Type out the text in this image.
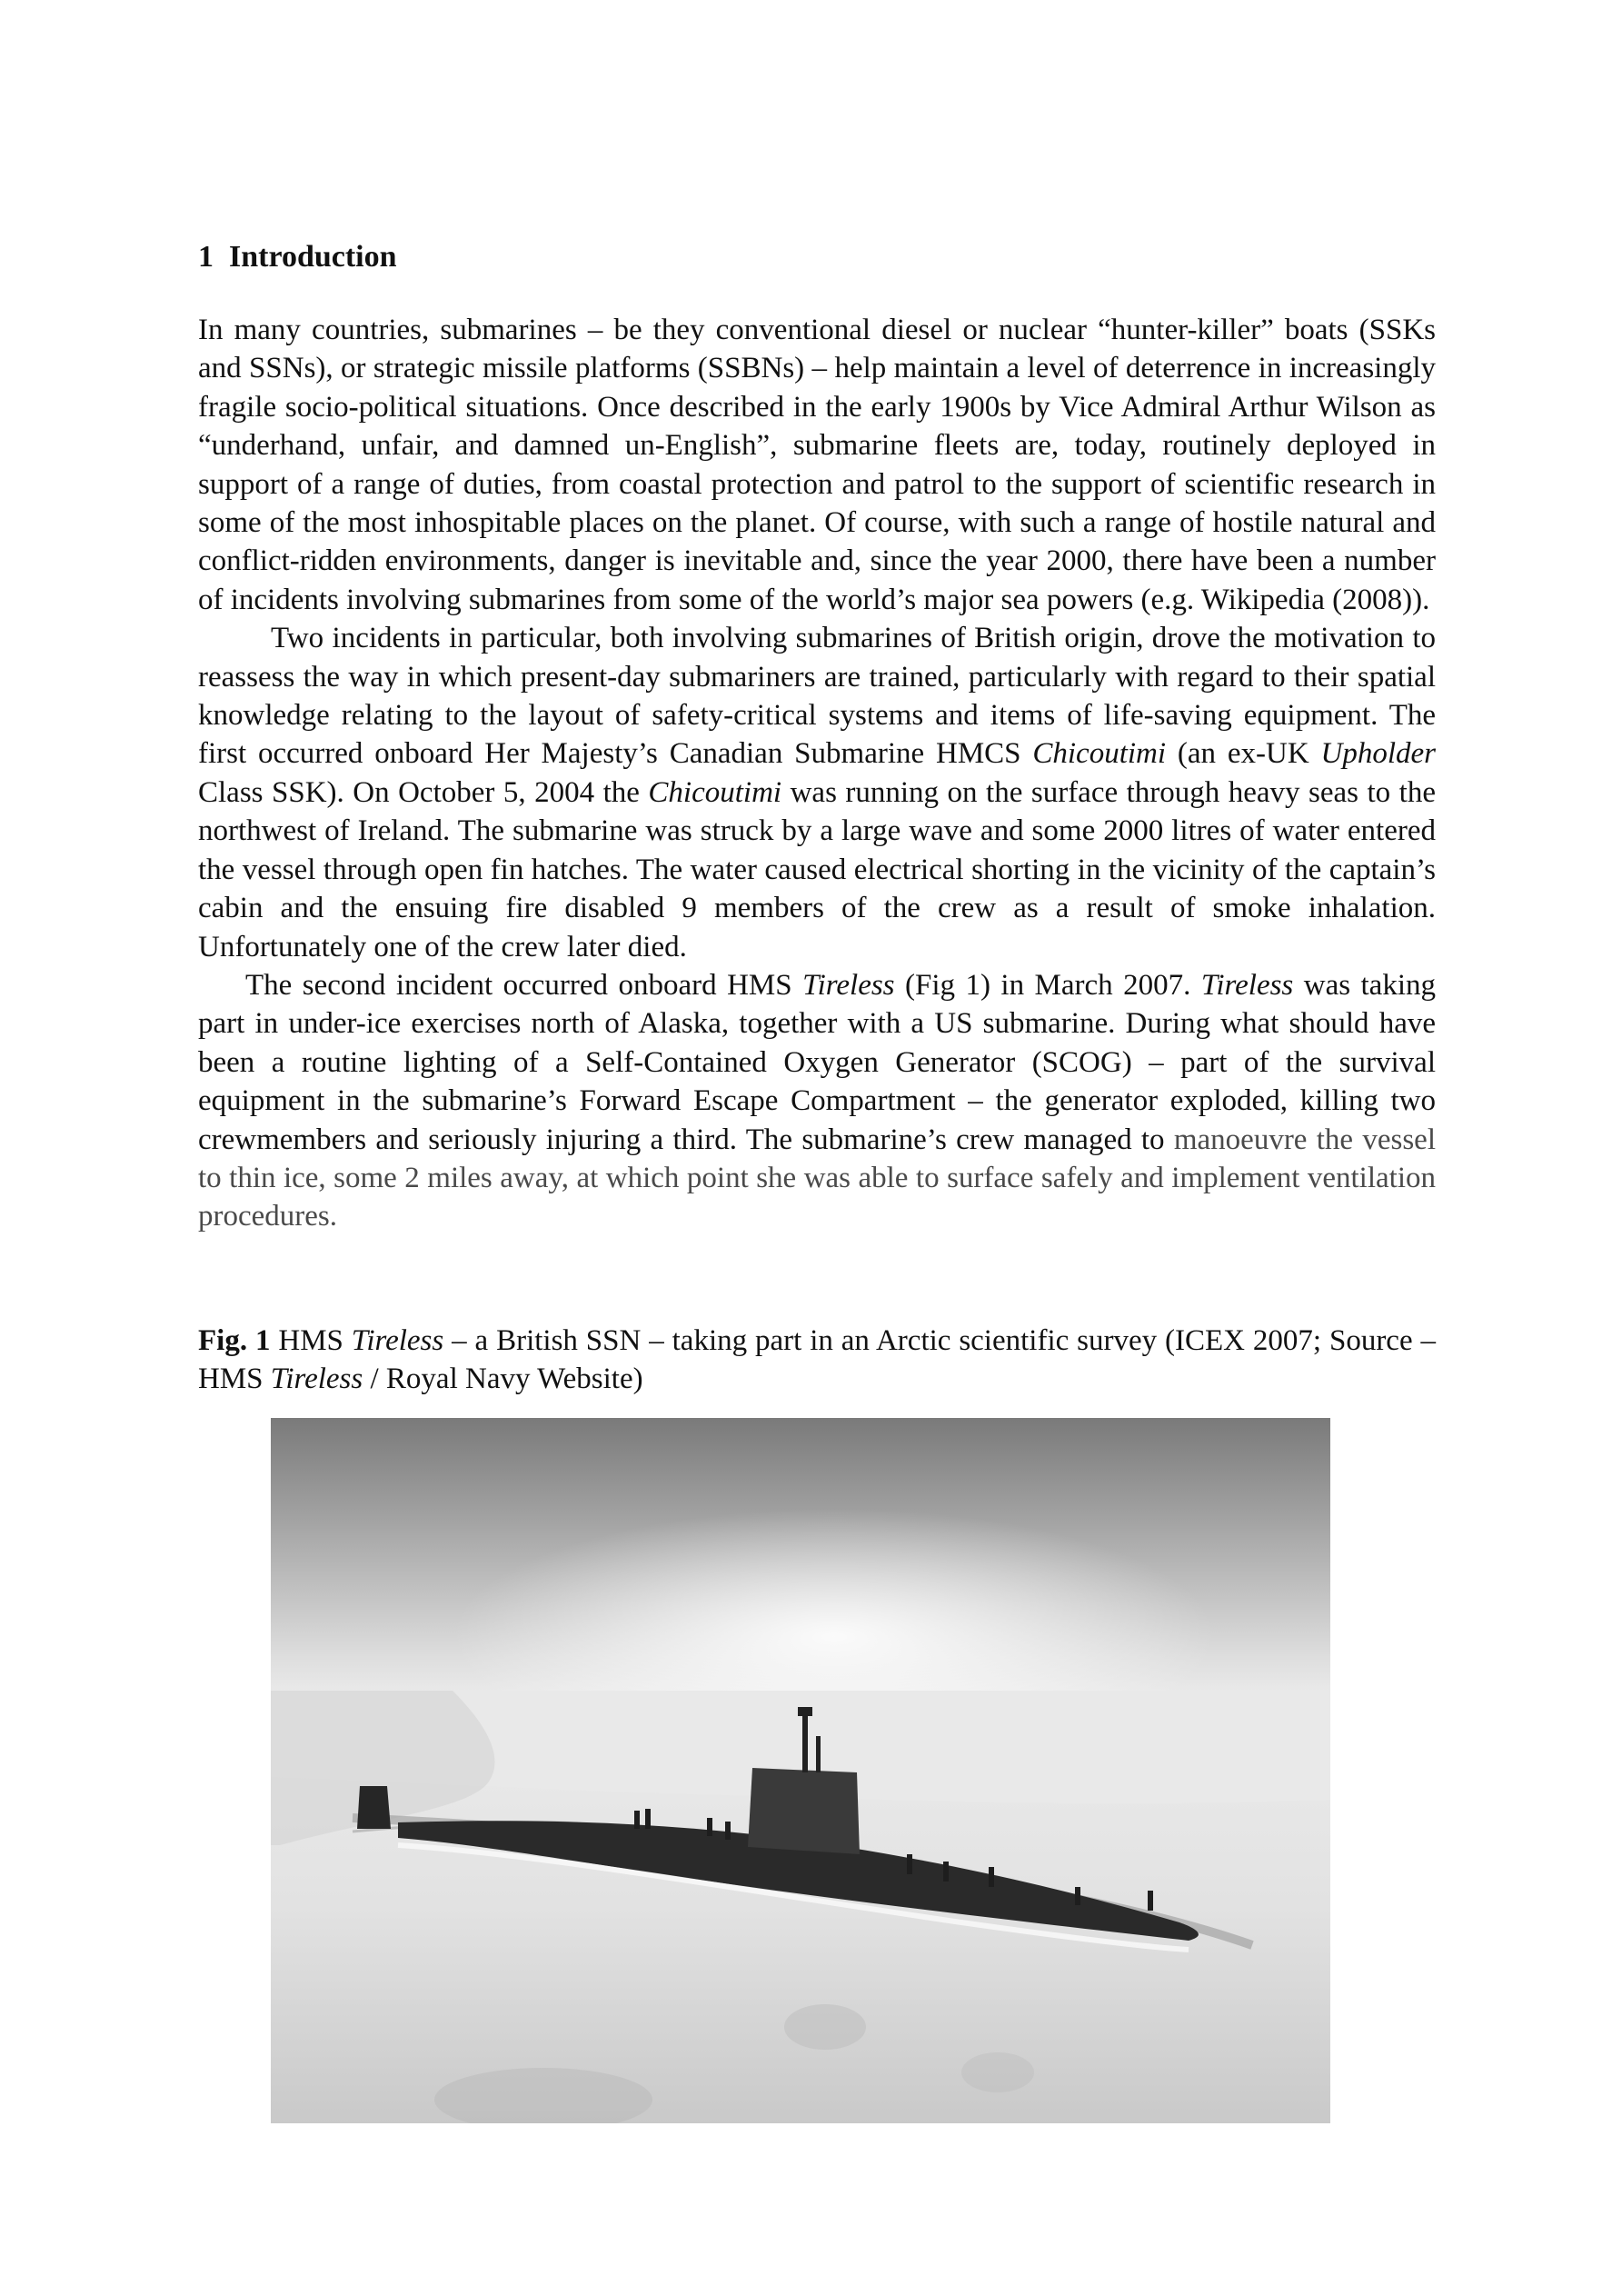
1 Introduction

In many countries, submarines – be they conventional diesel or nuclear “hunter-killer” boats (SSKs and SSNs), or strategic missile platforms (SSBNs) – help maintain a level of deterrence in increasingly fragile socio-political situations. Once described in the early 1900s by Vice Admiral Arthur Wilson as “underhand, unfair, and damned un-English”, submarine fleets are, today, routinely deployed in support of a range of duties, from coastal protection and patrol to the support of scientific research in some of the most inhospitable places on the planet. Of course, with such a range of hostile natural and conflict-ridden environments, danger is inevitable and, since the year 2000, there have been a number of incidents involving submarines from some of the world’s major sea powers (e.g. Wikipedia (2008)).

Two incidents in particular, both involving submarines of British origin, drove the motivation to reassess the way in which present-day submariners are trained, particularly with regard to their spatial knowledge relating to the layout of safety-critical systems and items of life-saving equipment. The first occurred onboard Her Majesty’s Canadian Submarine HMCS Chicoutimi (an ex-UK Upholder Class SSK). On October 5, 2004 the Chicoutimi was running on the surface through heavy seas to the northwest of Ireland. The submarine was struck by a large wave and some 2000 litres of water entered the vessel through open fin hatches. The water caused electrical shorting in the vicinity of the captain’s cabin and the ensuing fire disabled 9 members of the crew as a result of smoke inhalation. Unfortunately one of the crew later died.

The second incident occurred onboard HMS Tireless (Fig 1) in March 2007. Tireless was taking part in under-ice exercises north of Alaska, together with a US submarine. During what should have been a routine lighting of a Self-Contained Oxygen Generator (SCOG) – part of the survival equipment in the submarine’s Forward Escape Compartment – the generator exploded, killing two crewmembers and seriously injuring a third. The submarine’s crew managed to manoeuvre the vessel to thin ice, some 2 miles away, at which point she was able to surface safely and implement ventilation procedures.

Fig. 1 HMS Tireless – a British SSN – taking part in an Arctic scientific survey (ICEX 2007; Source – HMS Tireless / Royal Navy Website)
